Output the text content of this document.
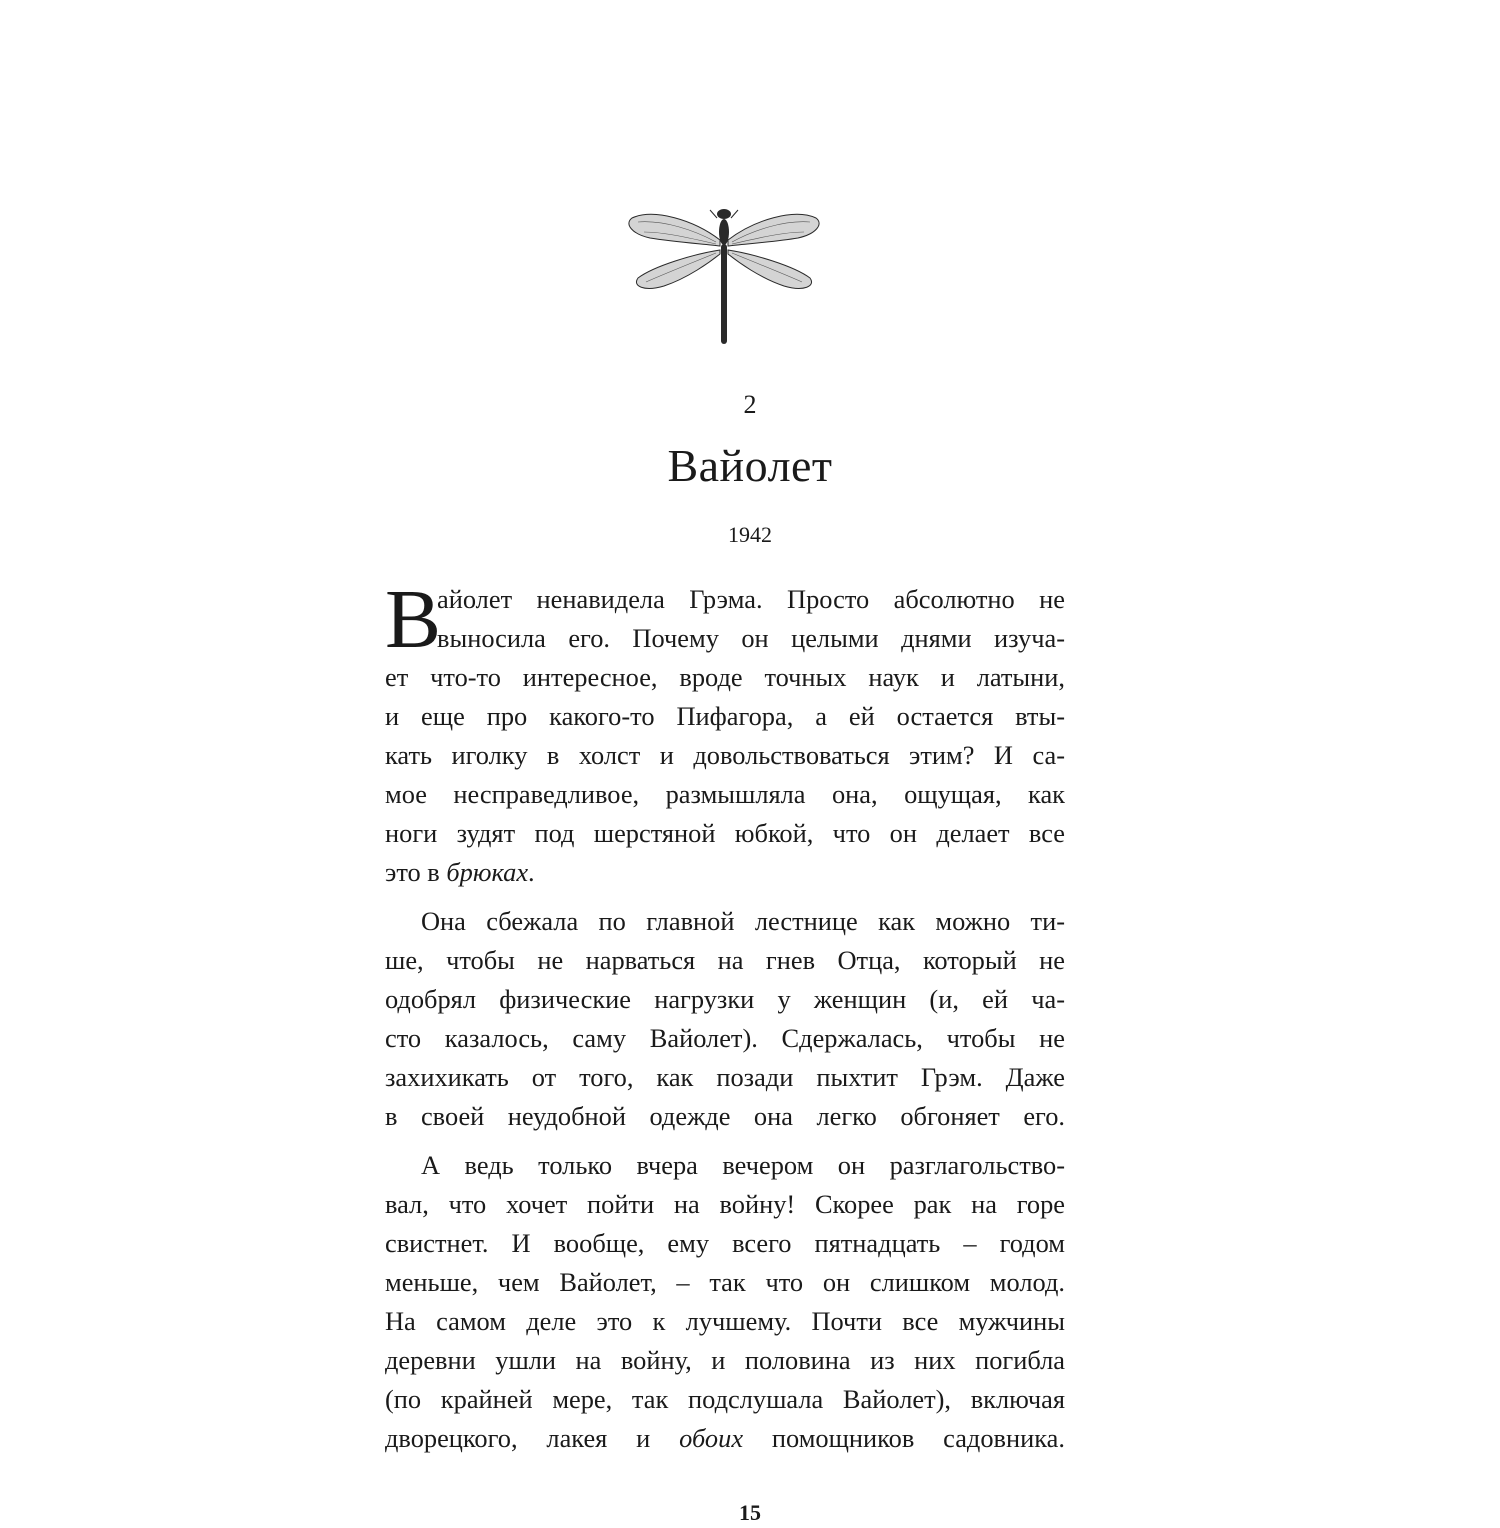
2
Вайолет
1942
В
айолет ненавидела Грэма. Просто абсолютно не
выносила его. Почему он целыми днями изуча-
ет что-то интересное, вроде точных наук и латыни,
и еще про какого-то Пифагора, а ей остается вты-
кать иголку в холст и довольствоваться этим? И са-
мое несправедливое, размышляла она, ощущая, как
ноги зудят под шерстяной юбкой, что он делает все
это в брюках.
Она сбежала по главной лестнице как можно ти-
ше, чтобы не нарваться на гнев Отца, который не
одобрял физические нагрузки у женщин (и, ей ча-
сто казалось, саму Вайолет). Сдержалась, чтобы не
захихикать от того, как позади пыхтит Грэм. Даже
в своей неудобной одежде она легко обгоняет его.
А ведь только вчера вечером он разглагольство-
вал, что хочет пойти на войну! Скорее рак на горе
свистнет. И вообще, ему всего пятнадцать – годом
меньше, чем Вайолет, – так что он слишком молод.
На самом деле это к лучшему. Почти все мужчины
деревни ушли на войну, и половина из них погибла
(по крайней мере, так подслушала Вайолет), включая
дворецкого, лакея и обоих помощников садовника.
15
